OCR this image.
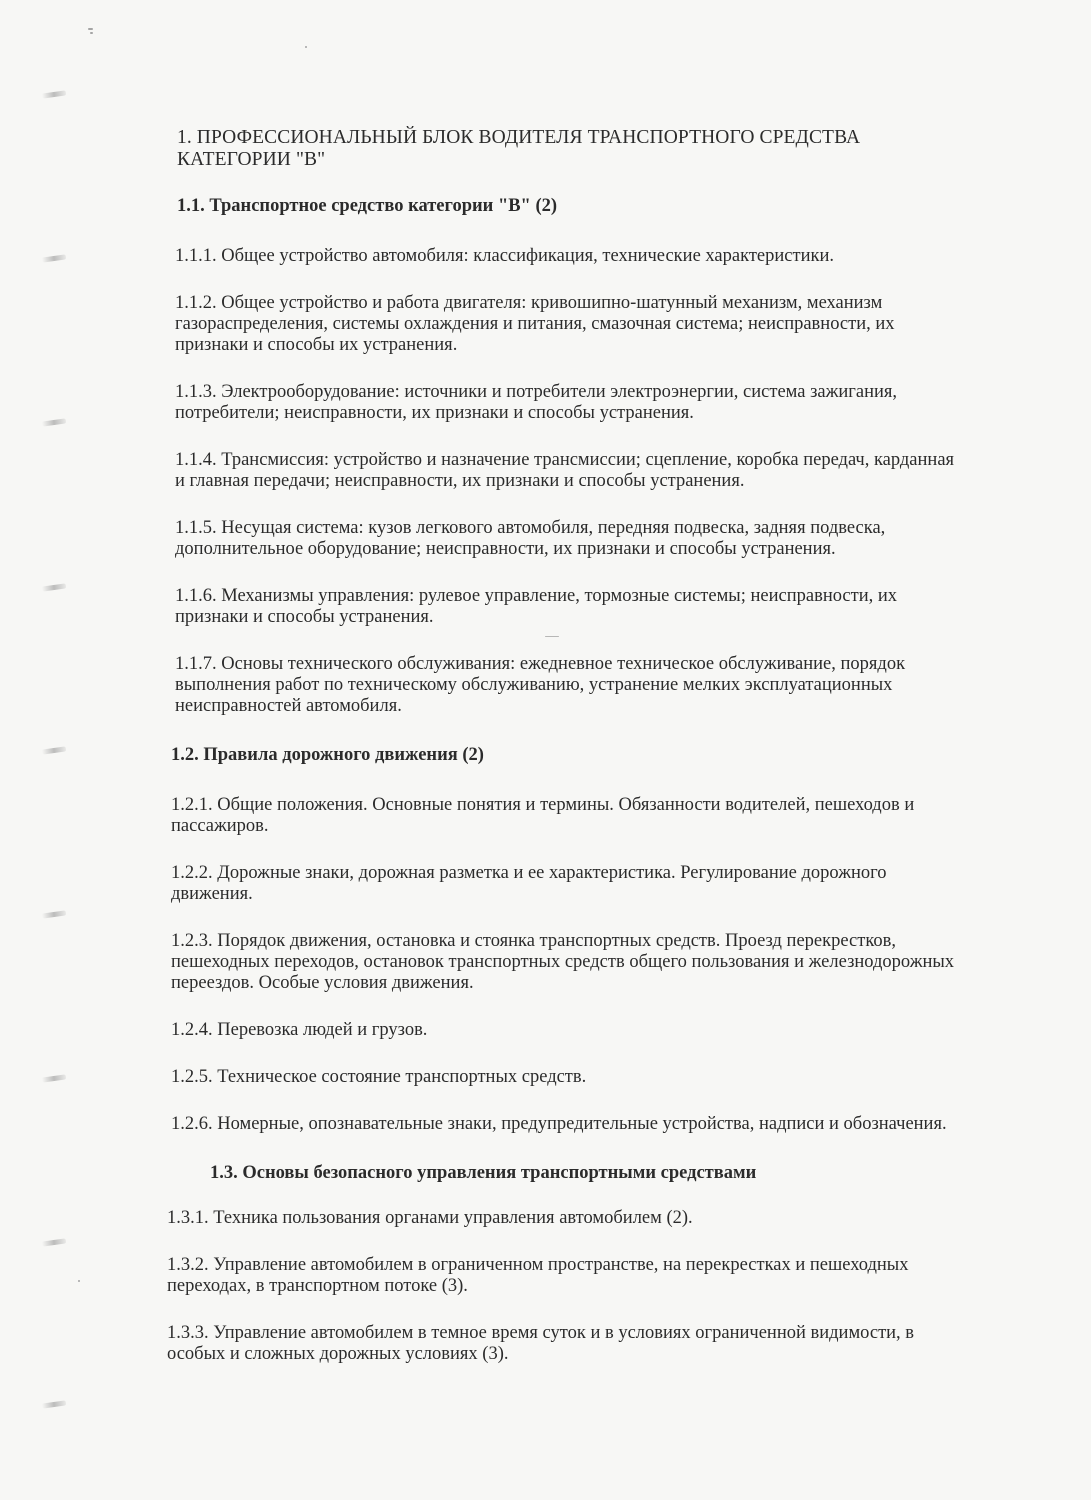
1. ПРОФЕССИОНАЛЬНЫЙ БЛОК ВОДИТЕЛЯ ТРАНСПОРТНОГО СРЕДСТВА КАТЕГОРИИ "В"
1.1. Транспортное средство категории "В" (2)
1.1.1. Общее устройство автомобиля: классификация, технические характеристики.
1.1.2. Общее устройство и работа двигателя: кривошипно-шатунный механизм, механизм газораспределения, системы охлаждения и питания, смазочная система; неисправности, их признаки и способы их устранения.
1.1.3. Электрооборудование: источники и потребители электроэнергии, система зажигания, потребители; неисправности, их признаки и способы устранения.
1.1.4. Трансмиссия: устройство и назначение трансмиссии; сцепление, коробка передач, карданная и главная передачи; неисправности, их признаки и способы устранения.
1.1.5. Несущая система: кузов легкового автомобиля, передняя подвеска, задняя подвеска, дополнительное оборудование; неисправности, их признаки и способы устранения.
1.1.6. Механизмы управления: рулевое управление, тормозные системы; неисправности, их признаки и способы устранения.
1.1.7. Основы технического обслуживания: ежедневное техническое обслуживание, порядок выполнения работ по техническому обслуживанию, устранение мелких эксплуатационных неисправностей автомобиля.
1.2. Правила дорожного движения (2)
1.2.1. Общие положения. Основные понятия и термины. Обязанности водителей, пешеходов и пассажиров.
1.2.2. Дорожные знаки, дорожная разметка и ее характеристика. Регулирование дорожного движения.
1.2.3. Порядок движения, остановка и стоянка транспортных средств. Проезд перекрестков, пешеходных переходов, остановок транспортных средств общего пользования и железнодорожных переездов. Особые условия движения.
1.2.4. Перевозка людей и грузов.
1.2.5. Техническое состояние транспортных средств.
1.2.6. Номерные, опознавательные знаки, предупредительные устройства, надписи и обозначения.
1.3. Основы безопасного управления транспортными средствами
1.3.1. Техника пользования органами управления автомобилем (2).
1.3.2. Управление автомобилем в ограниченном пространстве, на перекрестках и пешеходных переходах, в транспортном потоке (3).
1.3.3. Управление автомобилем в темное время суток и в условиях ограниченной видимости, в особых и сложных дорожных условиях (3).
